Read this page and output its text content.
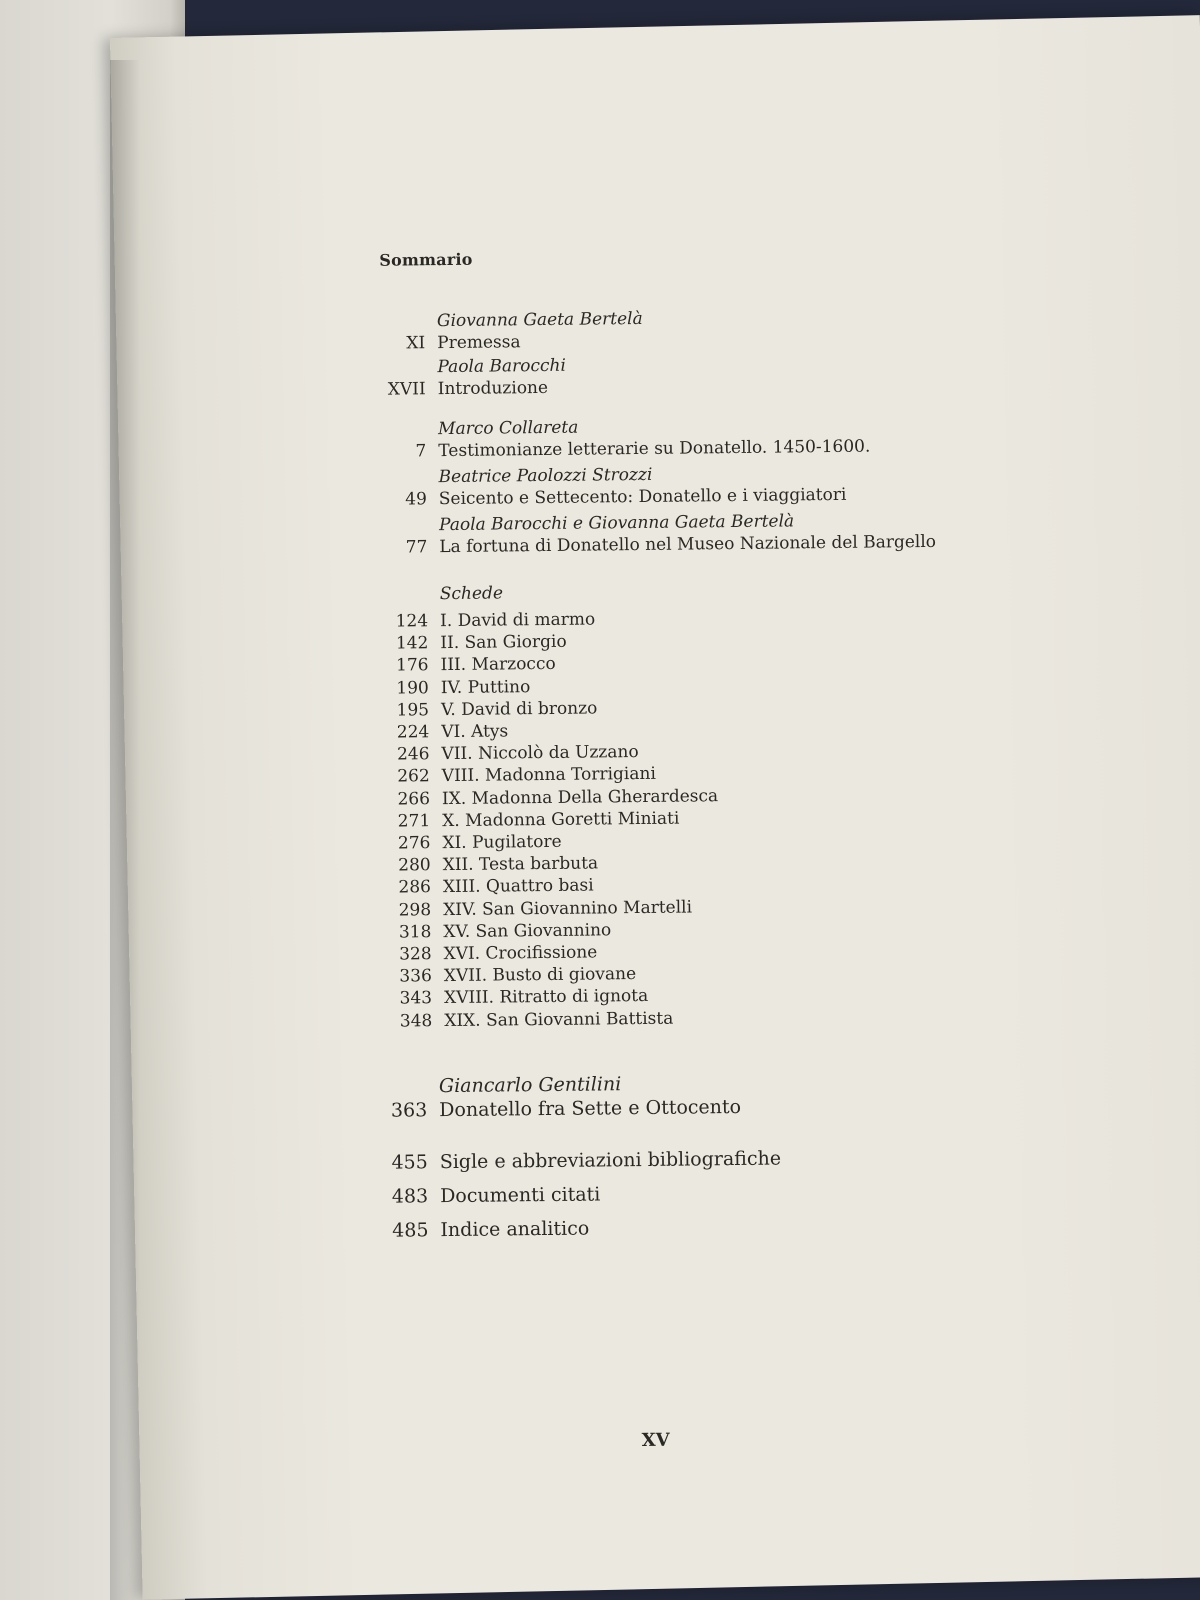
Sommario
Giovanna Gaeta Bertelà
XI Premessa
Paola Barocchi
XVII Introduzione
Marco Collareta
7 Testimonianze letterarie su Donatello. 1450-1600.
Beatrice Paolozzi Strozzi
49 Seicento e Settecento: Donatello e i viaggiatori
Paola Barocchi e Giovanna Gaeta Bertelà
77 La fortuna di Donatello nel Museo Nazionale del Bargello
Schede
124 I. David di marmo
142 II. San Giorgio
176 III. Marzocco
190 IV. Puttino
195 V. David di bronzo
224 VI. Atys
246 VII. Niccolò da Uzzano
262 VIII. Madonna Torrigiani
266 IX. Madonna Della Gherardesca
271 X. Madonna Goretti Miniati
276 XI. Pugilatore
280 XII. Testa barbuta
286 XIII. Quattro basi
298 XIV. San Giovannino Martelli
318 XV. San Giovannino
328 XVI. Crocifissione
336 XVII. Busto di giovane
343 XVIII. Ritratto di ignota
348 XIX. San Giovanni Battista
Giancarlo Gentilini
363 Donatello fra Sette e Ottocento
455 Sigle e abbreviazioni bibliografiche
483 Documenti citati
485 Indice analitico
XV
